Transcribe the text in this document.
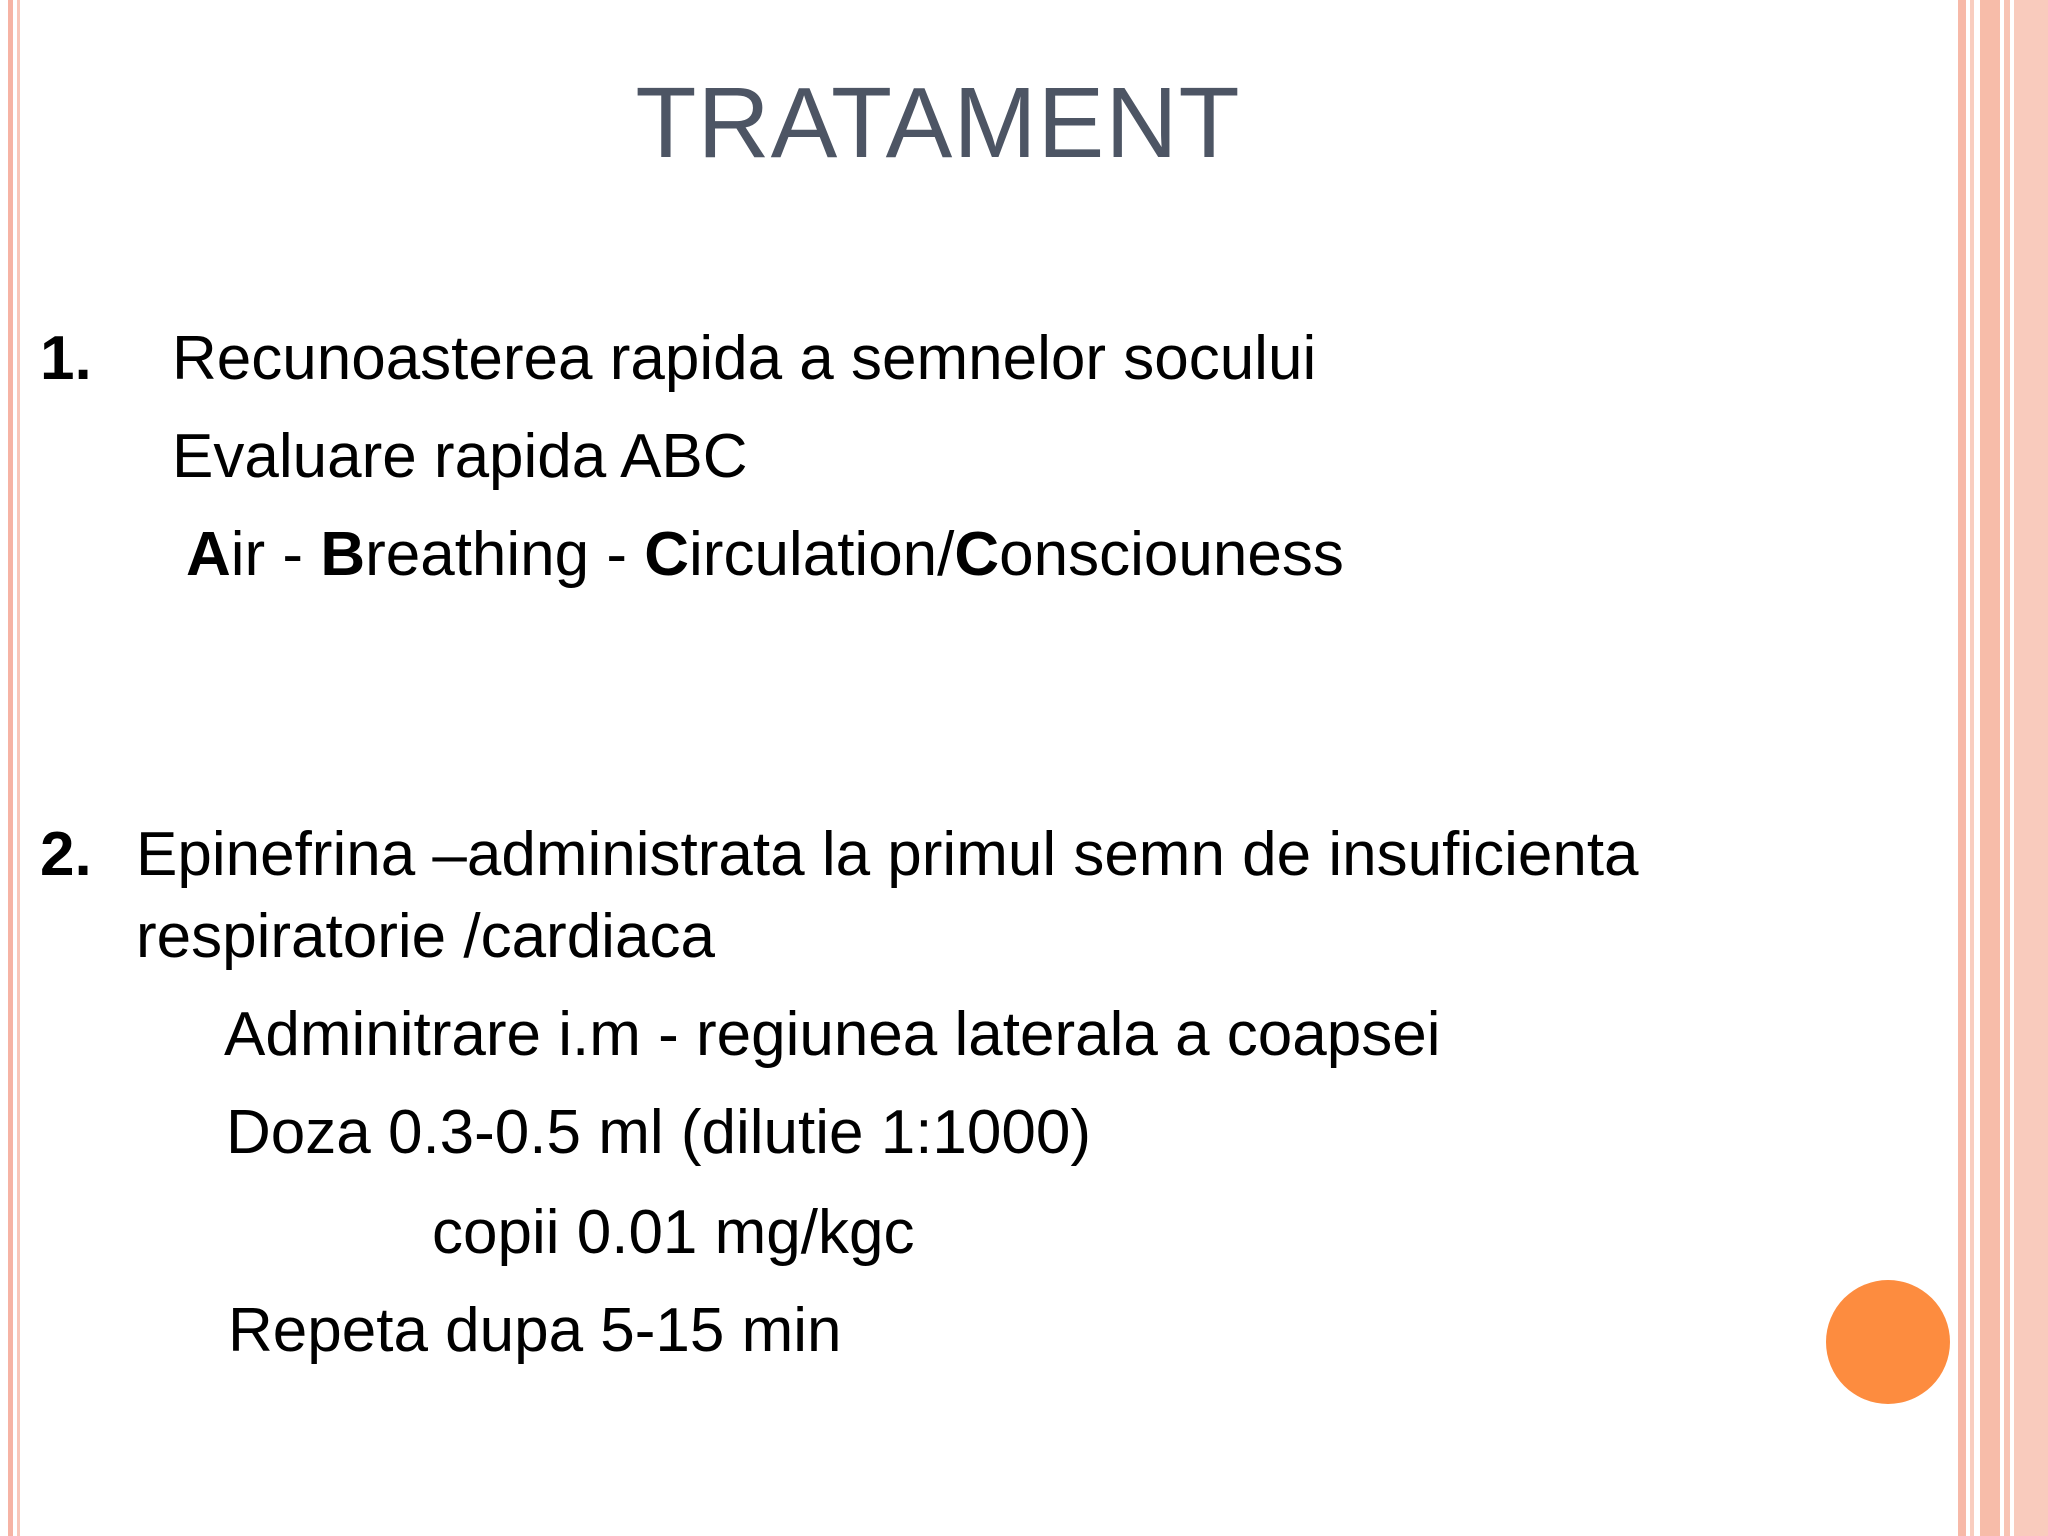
TRATAMENT
1. Recunoasterea rapida a semnelor socului
Evaluare rapida ABC
Air - Breathing - Circulation/Consciouness
2. Epinefrina –administrata la primul semn de insuficienta
respiratorie /cardiaca
Adminitrare i.m - regiunea laterala a coapsei
Doza 0.3-0.5 ml (dilutie 1:1000)
copii 0.01 mg/kgc
Repeta dupa 5-15 min
